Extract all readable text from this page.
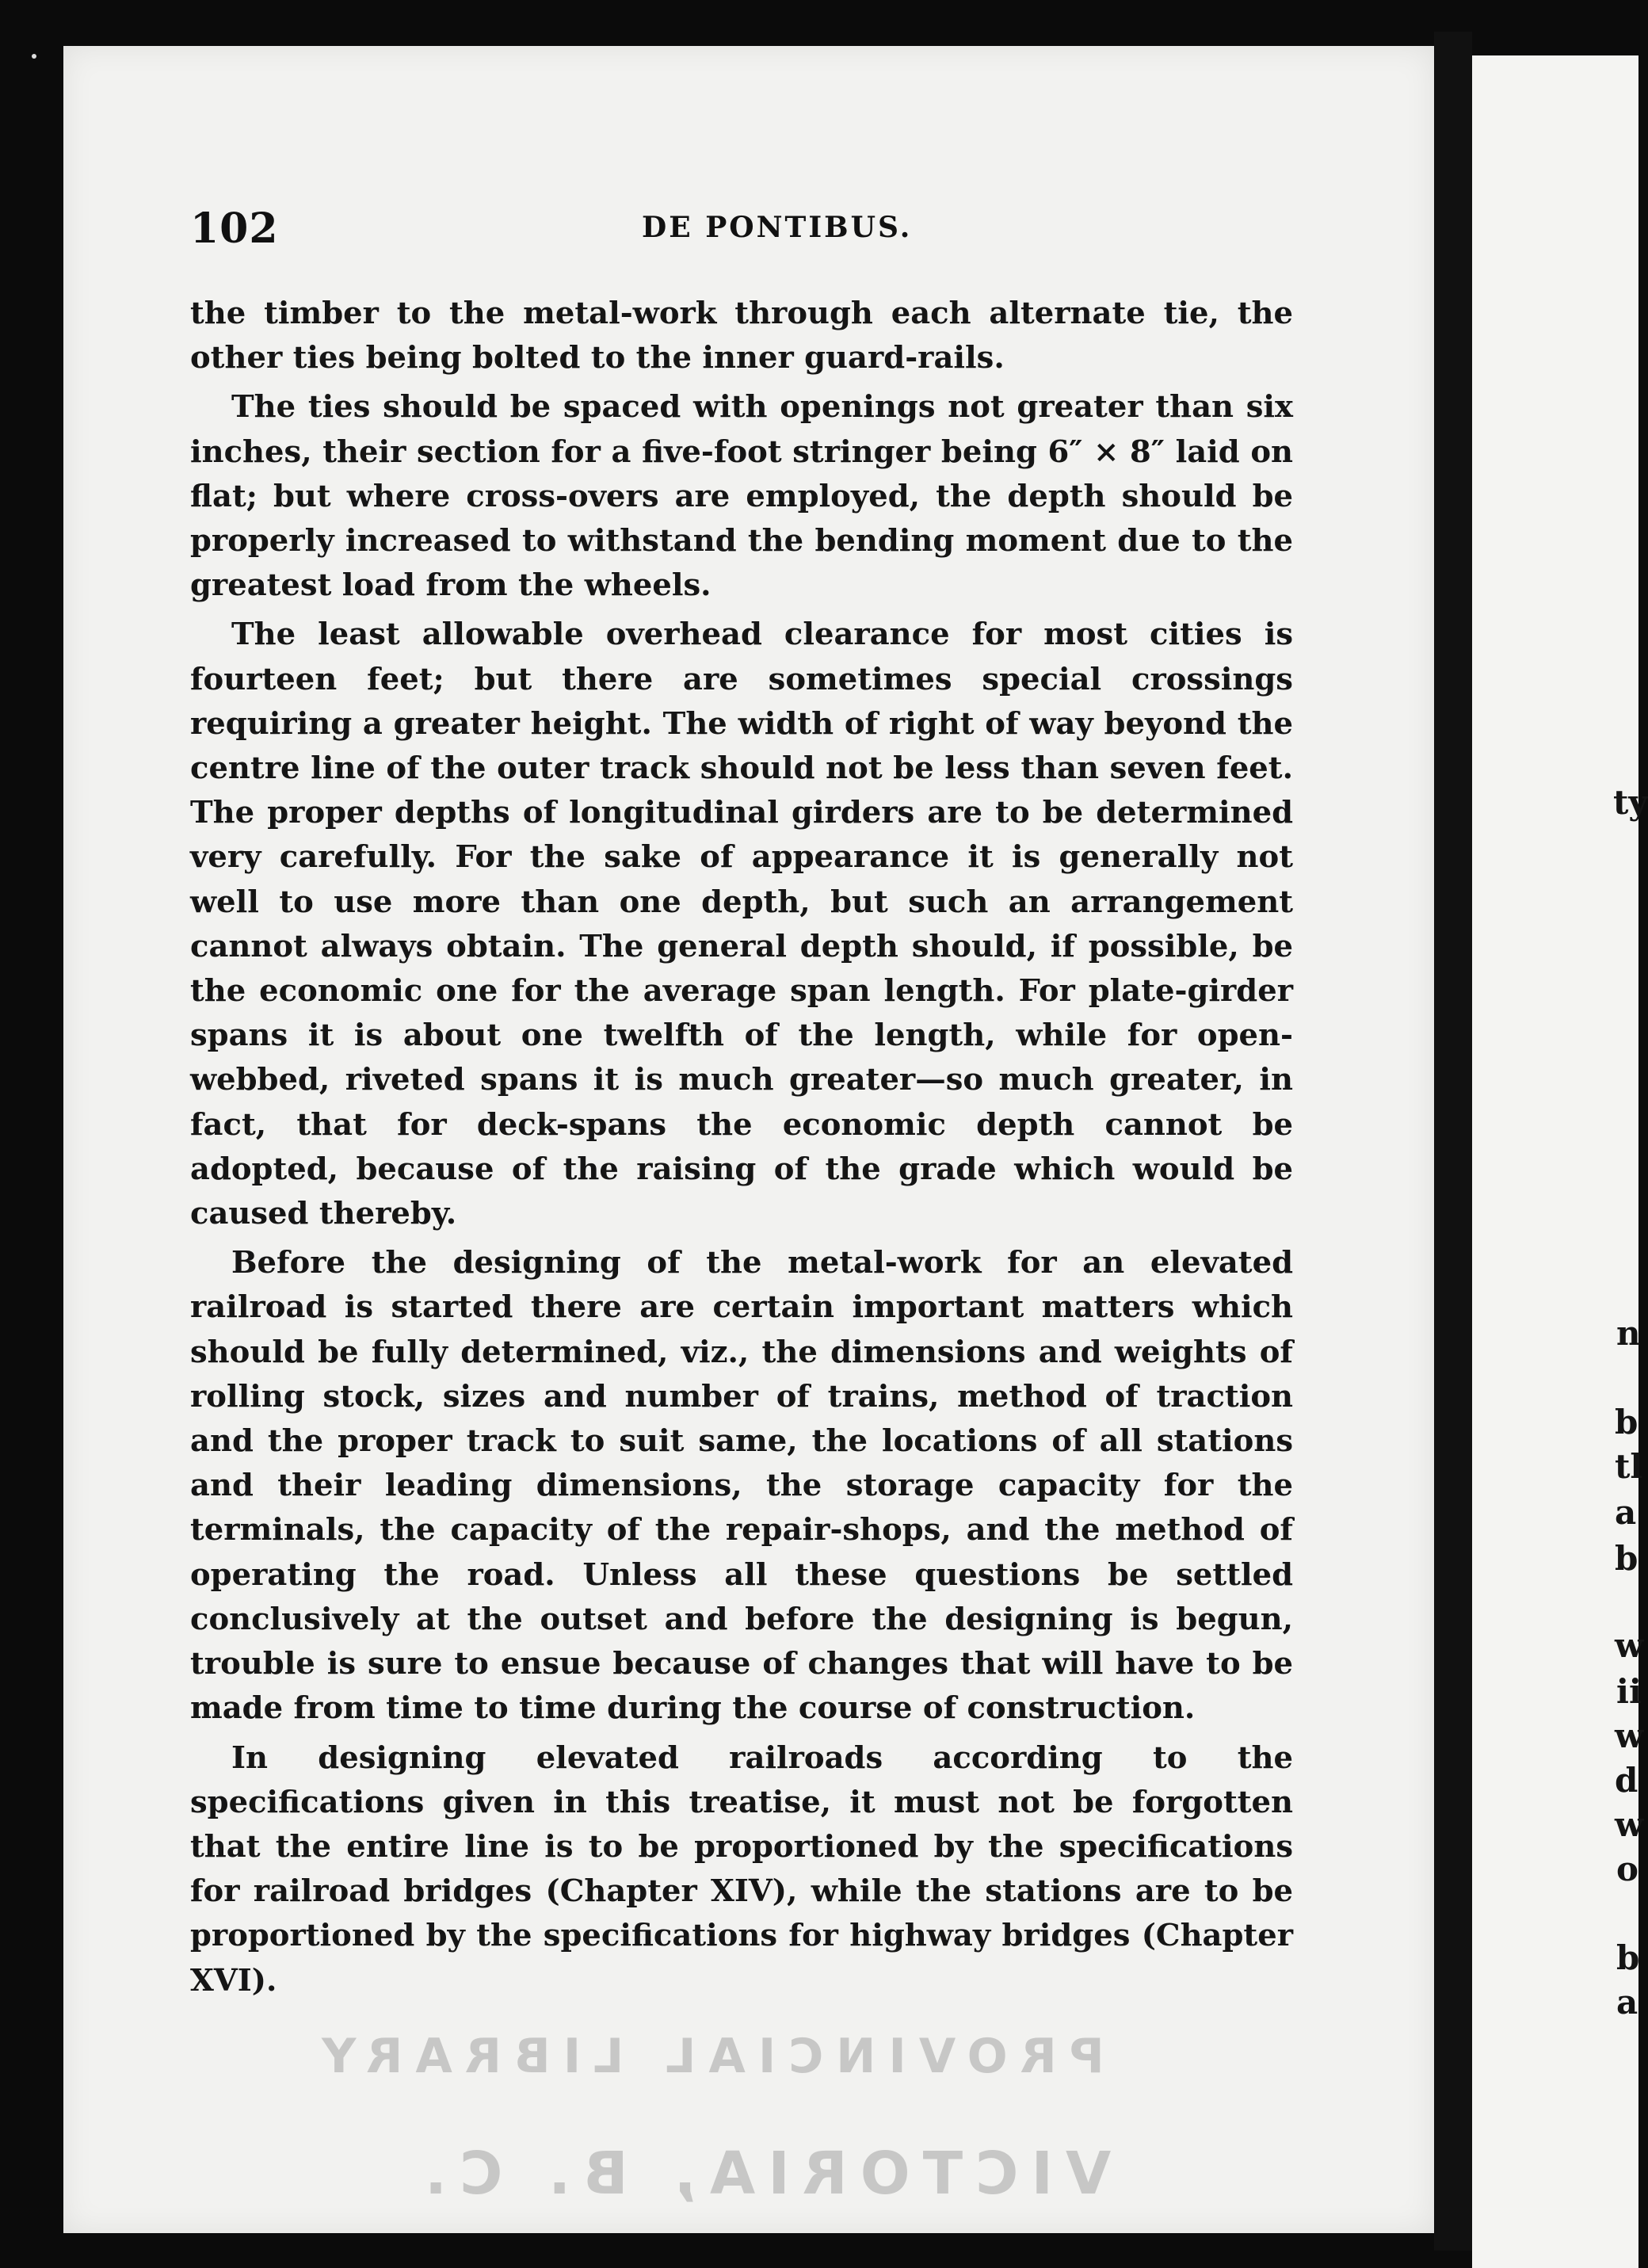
ty
n
b
tl
a
b
w
ii
w
d
w
o
b
a
102	DE PONTIBUS.

the timber to the metal-work through each alternate tie, the other ties being bolted to the inner guard-rails.

The ties should be spaced with openings not greater than six inches, their section for a five-foot stringer being 6″ × 8″ laid on flat; but where cross-overs are employed, the depth should be properly increased to withstand the bending moment due to the greatest load from the wheels.

The least allowable overhead clearance for most cities is fourteen feet; but there are sometimes special crossings requiring a greater height. The width of right of way beyond the centre line of the outer track should not be less than seven feet. The proper depths of longitudinal girders are to be determined very carefully. For the sake of appearance it is generally not well to use more than one depth, but such an arrangement cannot always obtain. The general depth should, if possible, be the economic one for the average span length. For plate-girder spans it is about one twelfth of the length, while for open-webbed, riveted spans it is much greater—so much greater, in fact, that for deck-spans the economic depth cannot be adopted, because of the raising of the grade which would be caused thereby.

Before the designing of the metal-work for an elevated railroad is started there are certain important matters which should be fully determined, viz., the dimensions and weights of rolling stock, sizes and number of trains, method of traction and the proper track to suit same, the locations of all stations and their leading dimensions, the storage capacity for the terminals, the capacity of the repair-shops, and the method of operating the road. Unless all these questions be settled conclusively at the outset and before the designing is begun, trouble is sure to ensue because of changes that will have to be made from time to time during the course of construction.

In designing elevated railroads according to the specifications given in this treatise, it must not be forgotten that the entire line is to be proportioned by the specifications for railroad bridges (Chapter XIV), while the stations are to be proportioned by the specifications for highway bridges (Chapter XVI).

PROVINCIAL LIBRARY
VICTORIA, B. C.
